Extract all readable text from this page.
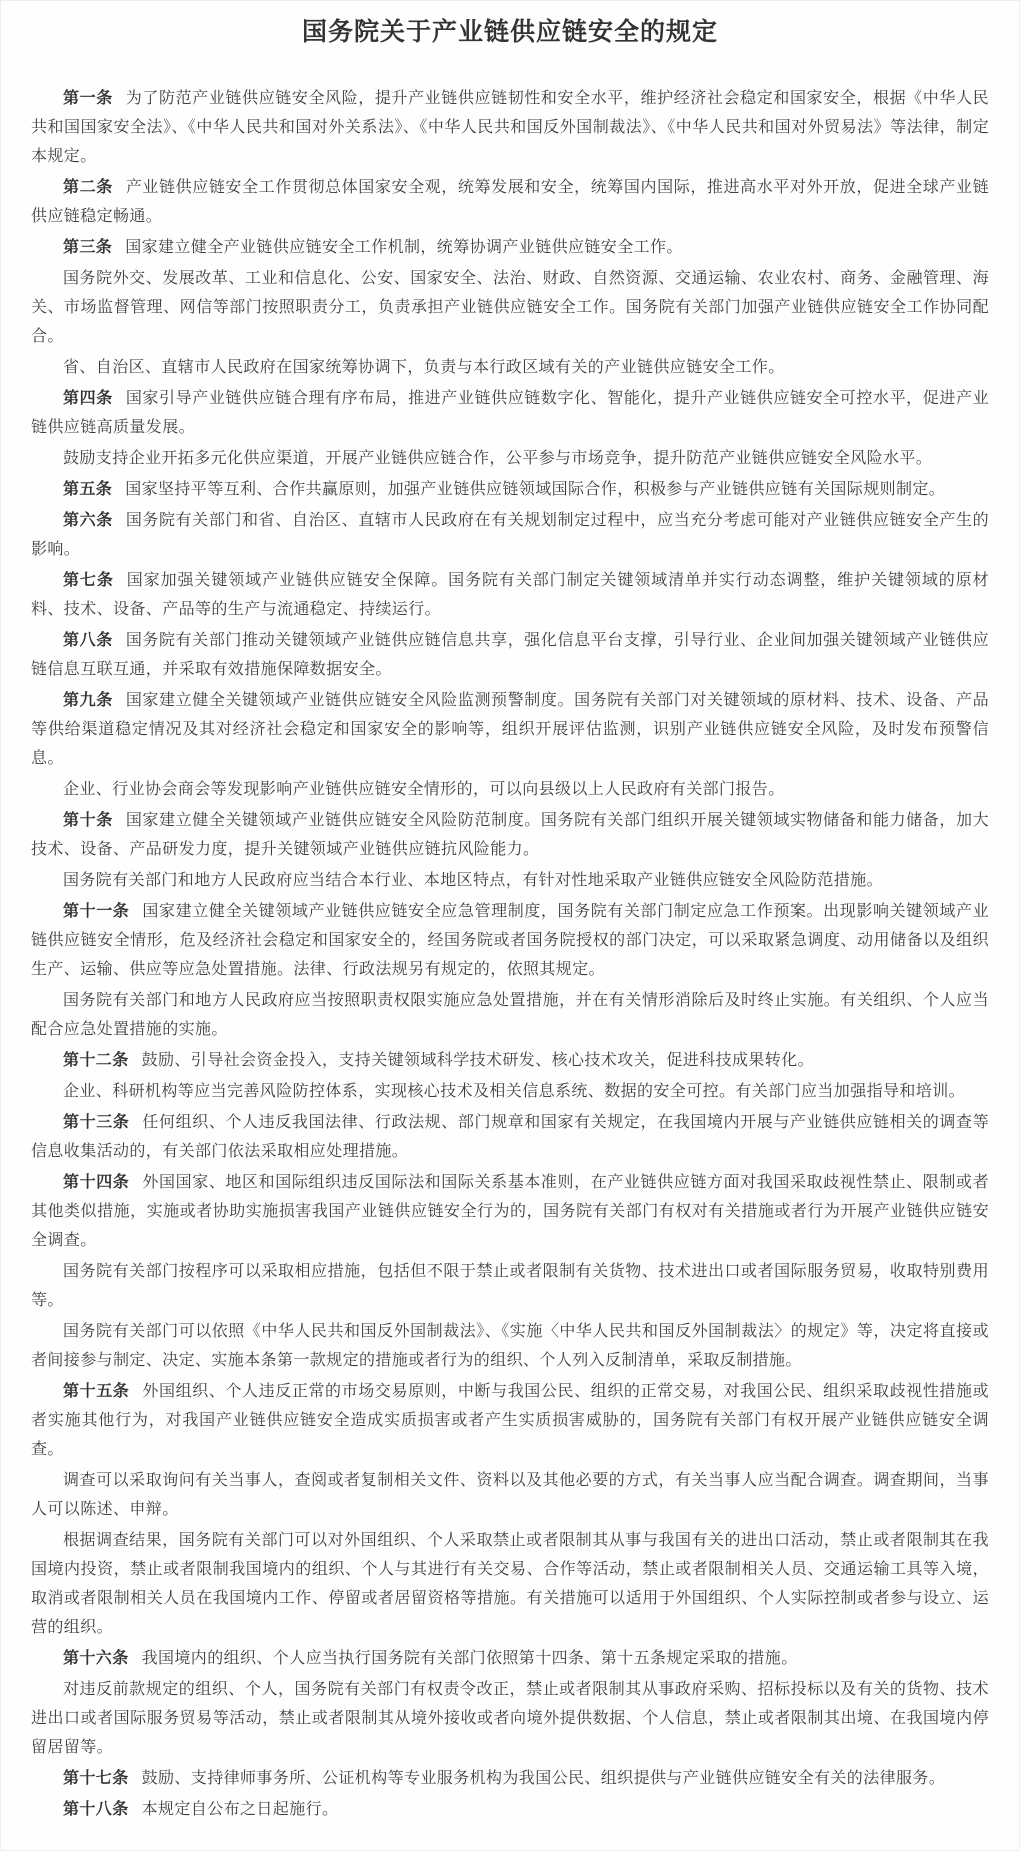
国务院关于产业链供应链安全的规定

第一条 为了防范产业链供应链安全风险，提升产业链供应链韧性和安全水平，维护经济社会稳定和国家安全，根据《中华人民共和国国家安全法》、《中华人民共和国对外关系法》、《中华人民共和国反外国制裁法》、《中华人民共和国对外贸易法》等法律，制定本规定。

第二条 产业链供应链安全工作贯彻总体国家安全观，统筹发展和安全，统筹国内国际，推进高水平对外开放，促进全球产业链供应链稳定畅通。

第三条 国家建立健全产业链供应链安全工作机制，统筹协调产业链供应链安全工作。

国务院外交、发展改革、工业和信息化、公安、国家安全、法治、财政、自然资源、交通运输、农业农村、商务、金融管理、海关、市场监督管理、网信等部门按照职责分工，负责承担产业链供应链安全工作。国务院有关部门加强产业链供应链安全工作协同配合。

省、自治区、直辖市人民政府在国家统筹协调下，负责与本行政区域有关的产业链供应链安全工作。

第四条 国家引导产业链供应链合理有序布局，推进产业链供应链数字化、智能化，提升产业链供应链安全可控水平，促进产业链供应链高质量发展。

鼓励支持企业开拓多元化供应渠道，开展产业链供应链合作，公平参与市场竞争，提升防范产业链供应链安全风险水平。

第五条 国家坚持平等互利、合作共赢原则，加强产业链供应链领域国际合作，积极参与产业链供应链有关国际规则制定。

第六条 国务院有关部门和省、自治区、直辖市人民政府在有关规划制定过程中，应当充分考虑可能对产业链供应链安全产生的影响。

第七条 国家加强关键领域产业链供应链安全保障。国务院有关部门制定关键领域清单并实行动态调整，维护关键领域的原材料、技术、设备、产品等的生产与流通稳定、持续运行。

第八条 国务院有关部门推动关键领域产业链供应链信息共享，强化信息平台支撑，引导行业、企业间加强关键领域产业链供应链信息互联互通，并采取有效措施保障数据安全。

第九条 国家建立健全关键领域产业链供应链安全风险监测预警制度。国务院有关部门对关键领域的原材料、技术、设备、产品等供给渠道稳定情况及其对经济社会稳定和国家安全的影响等，组织开展评估监测，识别产业链供应链安全风险，及时发布预警信息。

企业、行业协会商会等发现影响产业链供应链安全情形的，可以向县级以上人民政府有关部门报告。

第十条 国家建立健全关键领域产业链供应链安全风险防范制度。国务院有关部门组织开展关键领域实物储备和能力储备，加大技术、设备、产品研发力度，提升关键领域产业链供应链抗风险能力。

国务院有关部门和地方人民政府应当结合本行业、本地区特点，有针对性地采取产业链供应链安全风险防范措施。

第十一条 国家建立健全关键领域产业链供应链安全应急管理制度，国务院有关部门制定应急工作预案。出现影响关键领域产业链供应链安全情形，危及经济社会稳定和国家安全的，经国务院或者国务院授权的部门决定，可以采取紧急调度、动用储备以及组织生产、运输、供应等应急处置措施。法律、行政法规另有规定的，依照其规定。

国务院有关部门和地方人民政府应当按照职责权限实施应急处置措施，并在有关情形消除后及时终止实施。有关组织、个人应当配合应急处置措施的实施。

第十二条 鼓励、引导社会资金投入，支持关键领域科学技术研发、核心技术攻关，促进科技成果转化。

企业、科研机构等应当完善风险防控体系，实现核心技术及相关信息系统、数据的安全可控。有关部门应当加强指导和培训。

第十三条 任何组织、个人违反我国法律、行政法规、部门规章和国家有关规定，在我国境内开展与产业链供应链相关的调查等信息收集活动的，有关部门依法采取相应处理措施。

第十四条 外国国家、地区和国际组织违反国际法和国际关系基本准则，在产业链供应链方面对我国采取歧视性禁止、限制或者其他类似措施，实施或者协助实施损害我国产业链供应链安全行为的，国务院有关部门有权对有关措施或者行为开展产业链供应链安全调查。

国务院有关部门按程序可以采取相应措施，包括但不限于禁止或者限制有关货物、技术进出口或者国际服务贸易，收取特别费用等。

国务院有关部门可以依照《中华人民共和国反外国制裁法》、《实施〈中华人民共和国反外国制裁法〉的规定》等，决定将直接或者间接参与制定、决定、实施本条第一款规定的措施或者行为的组织、个人列入反制清单，采取反制措施。

第十五条 外国组织、个人违反正常的市场交易原则，中断与我国公民、组织的正常交易，对我国公民、组织采取歧视性措施或者实施其他行为，对我国产业链供应链安全造成实质损害或者产生实质损害威胁的，国务院有关部门有权开展产业链供应链安全调查。

调查可以采取询问有关当事人，查阅或者复制相关文件、资料以及其他必要的方式，有关当事人应当配合调查。调查期间，当事人可以陈述、申辩。

根据调查结果，国务院有关部门可以对外国组织、个人采取禁止或者限制其从事与我国有关的进出口活动，禁止或者限制其在我国境内投资，禁止或者限制我国境内的组织、个人与其进行有关交易、合作等活动，禁止或者限制相关人员、交通运输工具等入境，取消或者限制相关人员在我国境内工作、停留或者居留资格等措施。有关措施可以适用于外国组织、个人实际控制或者参与设立、运营的组织。

第十六条 我国境内的组织、个人应当执行国务院有关部门依照第十四条、第十五条规定采取的措施。

对违反前款规定的组织、个人，国务院有关部门有权责令改正，禁止或者限制其从事政府采购、招标投标以及有关的货物、技术进出口或者国际服务贸易等活动，禁止或者限制其从境外接收或者向境外提供数据、个人信息，禁止或者限制其出境、在我国境内停留居留等。

第十七条 鼓励、支持律师事务所、公证机构等专业服务机构为我国公民、组织提供与产业链供应链安全有关的法律服务。

第十八条 本规定自公布之日起施行。
